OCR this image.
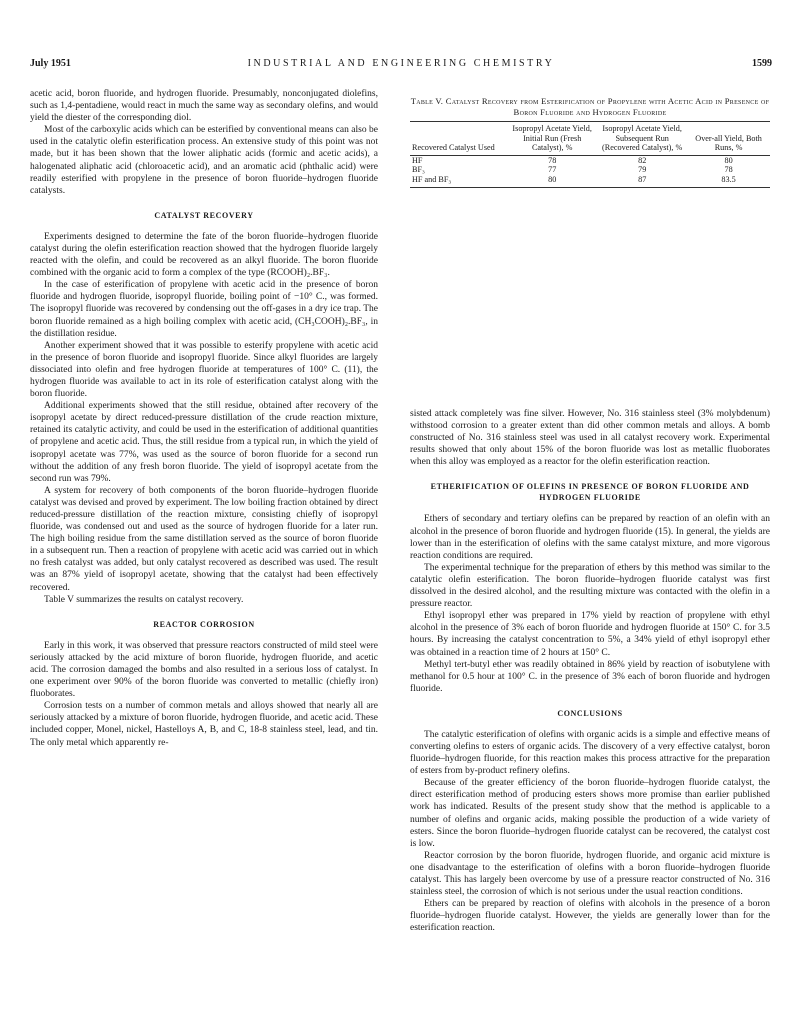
July 1951	INDUSTRIAL AND ENGINEERING CHEMISTRY	1599

acetic acid, boron fluoride, and hydrogen fluoride. Presumably, nonconjugated diolefins, such as 1,4-pentadiene, would react in much the same way as secondary olefins, and would yield the diester of the corresponding diol.

Most of the carboxylic acids which can be esterified by conventional means can also be used in the catalytic olefin esterification process. An extensive study of this point was not made, but it has been shown that the lower aliphatic acids (formic and acetic acids), a halogenated aliphatic acid (chloroacetic acid), and an aromatic acid (phthalic acid) were readily esterified with propylene in the presence of boron fluoride–hydrogen fluoride catalysts.

CATALYST RECOVERY

Experiments designed to determine the fate of the boron fluoride–hydrogen fluoride catalyst during the olefin esterification reaction showed that the hydrogen fluoride largely reacted with the olefin, and could be recovered as an alkyl fluoride. The boron fluoride combined with the organic acid to form a complex of the type (RCOOH)₂.BF₃.

In the case of esterification of propylene with acetic acid in the presence of boron fluoride and hydrogen fluoride, isopropyl fluoride, boiling point of −10° C., was formed. The isopropyl fluoride was recovered by condensing out the off-gases in a dry ice trap. The boron fluoride remained as a high boiling complex with acetic acid, (CH₃COOH)₂.BF₃, in the distillation residue.

Another experiment showed that it was possible to esterify propylene with acetic acid in the presence of boron fluoride and isopropyl fluoride. Since alkyl fluorides are largely dissociated into olefin and free hydrogen fluoride at temperatures of 100° C. (11), the hydrogen fluoride was available to act in its role of esterification catalyst along with the boron fluoride.

Additional experiments showed that the still residue, obtained after recovery of the isopropyl acetate by direct reduced-pressure distillation of the crude reaction mixture, retained its catalytic activity, and could be used in the esterification of additional quantities of propylene and acetic acid. Thus, the still residue from a typical run, in which the yield of isopropyl acetate was 77%, was used as the source of boron fluoride for a second run without the addition of any fresh boron fluoride. The yield of isopropyl acetate from the second run was 79%.

A system for recovery of both components of the boron fluoride–hydrogen fluoride catalyst was devised and proved by experiment. The low boiling fraction obtained by direct reduced-pressure distillation of the reaction mixture, consisting chiefly of isopropyl fluoride, was condensed out and used as the source of hydrogen fluoride for a later run. The high boiling residue from the same distillation served as the source of boron fluoride in a subsequent run. Then a reaction of propylene with acetic acid was carried out in which no fresh catalyst was added, but only catalyst recovered as described was used. The result was an 87% yield of isopropyl acetate, showing that the catalyst had been effectively recovered.

Table V summarizes the results on catalyst recovery.

REACTOR CORROSION

Early in this work, it was observed that pressure reactors constructed of mild steel were seriously attacked by the acid mixture of boron fluoride, hydrogen fluoride, and acetic acid. The corrosion damaged the bombs and also resulted in a serious loss of catalyst. In one experiment over 90% of the boron fluoride was converted to metallic (chiefly iron) fluoborates.

Corrosion tests on a number of common metals and alloys showed that nearly all are seriously attacked by a mixture of boron fluoride, hydrogen fluoride, and acetic acid. These included copper, Monel, nickel, Hastelloys A, B, and C, 18-8 stainless steel, lead, and tin. The only metal which apparently re-

Table V. Catalyst Recovery from Esterification of Propylene with Acetic Acid in Presence of Boron Fluoride and Hydrogen Fluoride
Recovered Catalyst Used	Isopropyl Acetate Yield, Initial Run (Fresh Catalyst), %	Isopropyl Acetate Yield, Subsequent Run (Recovered Catalyst), %	Over-all Yield, Both Runs, %
HF	78	82	80
BF₃	77	79	78
HF and BF₃	80	87	83.5

sisted attack completely was fine silver. However, No. 316 stainless steel (3% molybdenum) withstood corrosion to a greater extent than did other common metals and alloys. A bomb constructed of No. 316 stainless steel was used in all catalyst recovery work. Experimental results showed that only about 15% of the boron fluoride was lost as metallic fluoborates when this alloy was employed as a reactor for the olefin esterification reaction.

ETHERIFICATION OF OLEFINS IN PRESENCE OF BORON FLUORIDE AND HYDROGEN FLUORIDE

Ethers of secondary and tertiary olefins can be prepared by reaction of an olefin with an alcohol in the presence of boron fluoride and hydrogen fluoride (15). In general, the yields are lower than in the esterification of olefins with the same catalyst mixture, and more vigorous reaction conditions are required.

The experimental technique for the preparation of ethers by this method was similar to the catalytic olefin esterification. The boron fluoride–hydrogen fluoride catalyst was first dissolved in the desired alcohol, and the resulting mixture was contacted with the olefin in a pressure reactor.

Ethyl isopropyl ether was prepared in 17% yield by reaction of propylene with ethyl alcohol in the presence of 3% each of boron fluoride and hydrogen fluoride at 150° C. for 3.5 hours. By increasing the catalyst concentration to 5%, a 34% yield of ethyl isopropyl ether was obtained in a reaction time of 2 hours at 150° C.

Methyl tert-butyl ether was readily obtained in 86% yield by reaction of isobutylene with methanol for 0.5 hour at 100° C. in the presence of 3% each of boron fluoride and hydrogen fluoride.

CONCLUSIONS

The catalytic esterification of olefins with organic acids is a simple and effective means of converting olefins to esters of organic acids. The discovery of a very effective catalyst, boron fluoride–hydrogen fluoride, for this reaction makes this process attractive for the preparation of esters from by-product refinery olefins.

Because of the greater efficiency of the boron fluoride–hydrogen fluoride catalyst, the direct esterification method of producing esters shows more promise than earlier published work has indicated. Results of the present study show that the method is applicable to a number of olefins and organic acids, making possible the production of a wide variety of esters. Since the boron fluoride–hydrogen fluoride catalyst can be recovered, the catalyst cost is low.

Reactor corrosion by the boron fluoride, hydrogen fluoride, and organic acid mixture is one disadvantage to the esterification of olefins with a boron fluoride–hydrogen fluoride catalyst. This has largely been overcome by use of a pressure reactor constructed of No. 316 stainless steel, the corrosion of which is not serious under the usual reaction conditions.

Ethers can be prepared by reaction of olefins with alcohols in the presence of a boron fluoride–hydrogen fluoride catalyst. However, the yields are generally lower than for the esterification reaction.
